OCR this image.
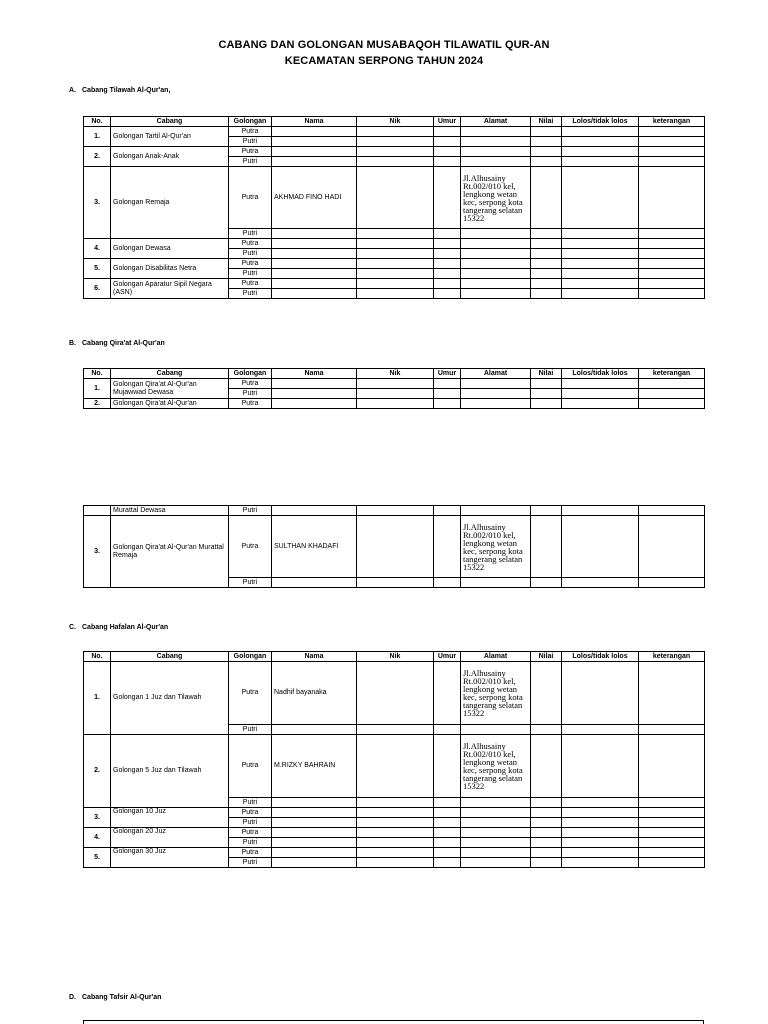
CABANG DAN GOLONGAN MUSABAQOH TILAWATIL QUR-AN
KECAMATAN SERPONG TAHUN 2024
A. Cabang Tilawah Al-Qur'an,
No.	Cabang	Golongan	Nama	Nik	Umur	Alamat	Nilai	Lolos/tidak lolos	keterangan
1.	Golongan Tartil Al-Qur'an	Putra							
		Putri							
2.	Golongan Anak-Anak	Putra							
		Putri							
3.	Golongan Remaja	Putra	AKHMAD FINO HADI			Jl.Alhusainy Rt.002/010 kel, lengkong wetan kec, serpong kota tangerang selatan 15322			
		Putri							
4.	Golongan Dewasa	Putra							
		Putri							
5.	Golongan Disabilitas Netra	Putra							
		Putri							
6.	Golongan Aparatur Sipil Negara (ASN)	Putra							
		Putri							
B. Cabang Qira'at Al-Qur'an
No.	Cabang	Golongan	Nama	Nik	Umur	Alamat	Nilai	Lolos/tidak lolos	keterangan
1.	Golongan Qira'at Al-Qur'an Mujawwad Dewasa	Putra							
		Putri							
2.	Golongan Qira'at Al-Qur'an	Putra							
	Murattal Dewasa	Putri							
3.	Golongan Qira'at Al-Qur'an Murattal Remaja	Putra	SULTHAN KHADAFI			Jl.Alhusainy Rt.002/010 kel, lengkong wetan kec, serpong kota tangerang selatan 15322			
		Putri							
C. Cabang Hafalan Al-Qur'an
No.	Cabang	Golongan	Nama	Nik	Umur	Alamat	Nilai	Lolos/tidak lolos	keterangan
1.	Golongan 1 Juz dan Tilawah	Putra	Nadhif bayanaka			Jl.Alhusainy Rt.002/010 kel, lengkong wetan kec, serpong kota tangerang selatan 15322			
		Putri							
2.	Golongan 5 Juz dan Tilawah	Putra	M.RIZKY BAHRAIN			Jl.Alhusainy Rt.002/010 kel, lengkong wetan kec, serpong kota tangerang selatan 15322			
		Putri							
3.	Golongan 10 Juz	Putra							
		Putri							
4.	Golongan 20 Juz	Putra							
		Putri							
5.	Golongan 30 Juz	Putra							
		Putri							
D. Cabang Tafsir Al-Qur'an
